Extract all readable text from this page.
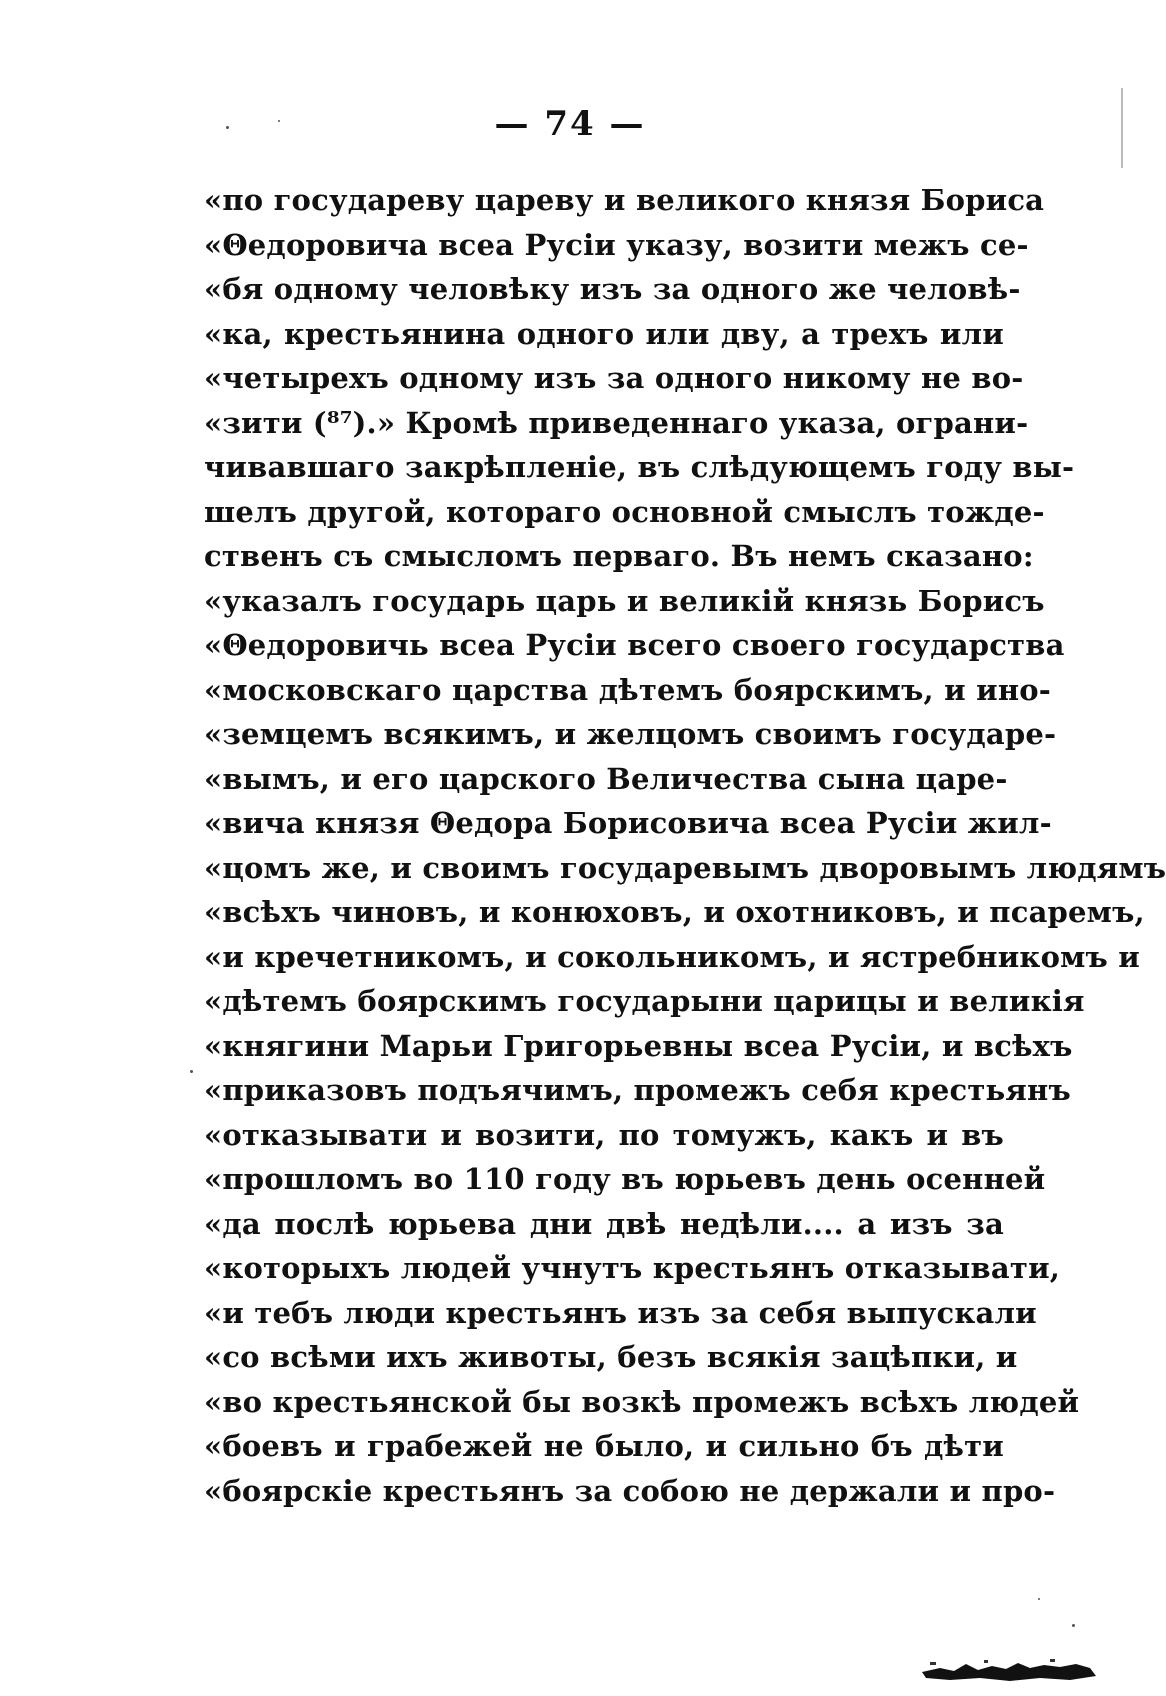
— 74 —
«по государеву цареву и великого князя Бориса
«Θедоровича всеа Русіи указу, возити межъ се-
«бя одному человѣку изъ за одного же человѣ-
«ка, крестьянина одного или дву, а трехъ или
«четырехъ одному изъ за одного никому не во-
«зити (⁸⁷).» Кромѣ приведеннаго указа, ограни-
чивавшаго закрѣпленіе, въ слѣдующемъ году вы-
шелъ другой, котораго основной смыслъ тожде-
ственъ съ смысломъ перваго. Въ немъ сказано:
«указалъ государь царь и великій князь Борисъ
«Θедоровичь всеа Русіи всего своего государства
«московскаго царства дѣтемъ боярскимъ, и ино-
«земцемъ всякимъ, и желцомъ своимъ государе-
«вымъ, и его царского Величества сына царе-
«вича князя Θедора Борисовича всеа Русіи жил-
«цомъ же, и своимъ государевымъ дворовымъ людямъ
«всѣхъ чиновъ, и конюховъ, и охотниковъ, и псаремъ,
«и кречетникомъ, и сокольникомъ, и ястребникомъ и
«дѣтемъ боярскимъ государыни царицы и великія
«княгини Марьи Григорьевны всеа Русіи, и всѣхъ
«приказовъ подъячимъ, промежъ себя крестьянъ
«отказывати и возити, по томужъ, какъ и въ
«прошломъ во 110 году въ юрьевъ день осенней
«да послѣ юрьева дни двѣ недѣли.... а изъ за
«которыхъ людей учнутъ крестьянъ отказывати,
«и тебъ люди крестьянъ изъ за себя выпускали
«со всѣми ихъ животы, безъ всякія зацѣпки, и
«во крестьянской бы возкѣ промежъ всѣхъ людей
«боевъ и грабежей не было, и сильно бъ дѣти
«боярскіе крестьянъ за собою не держали и про-
